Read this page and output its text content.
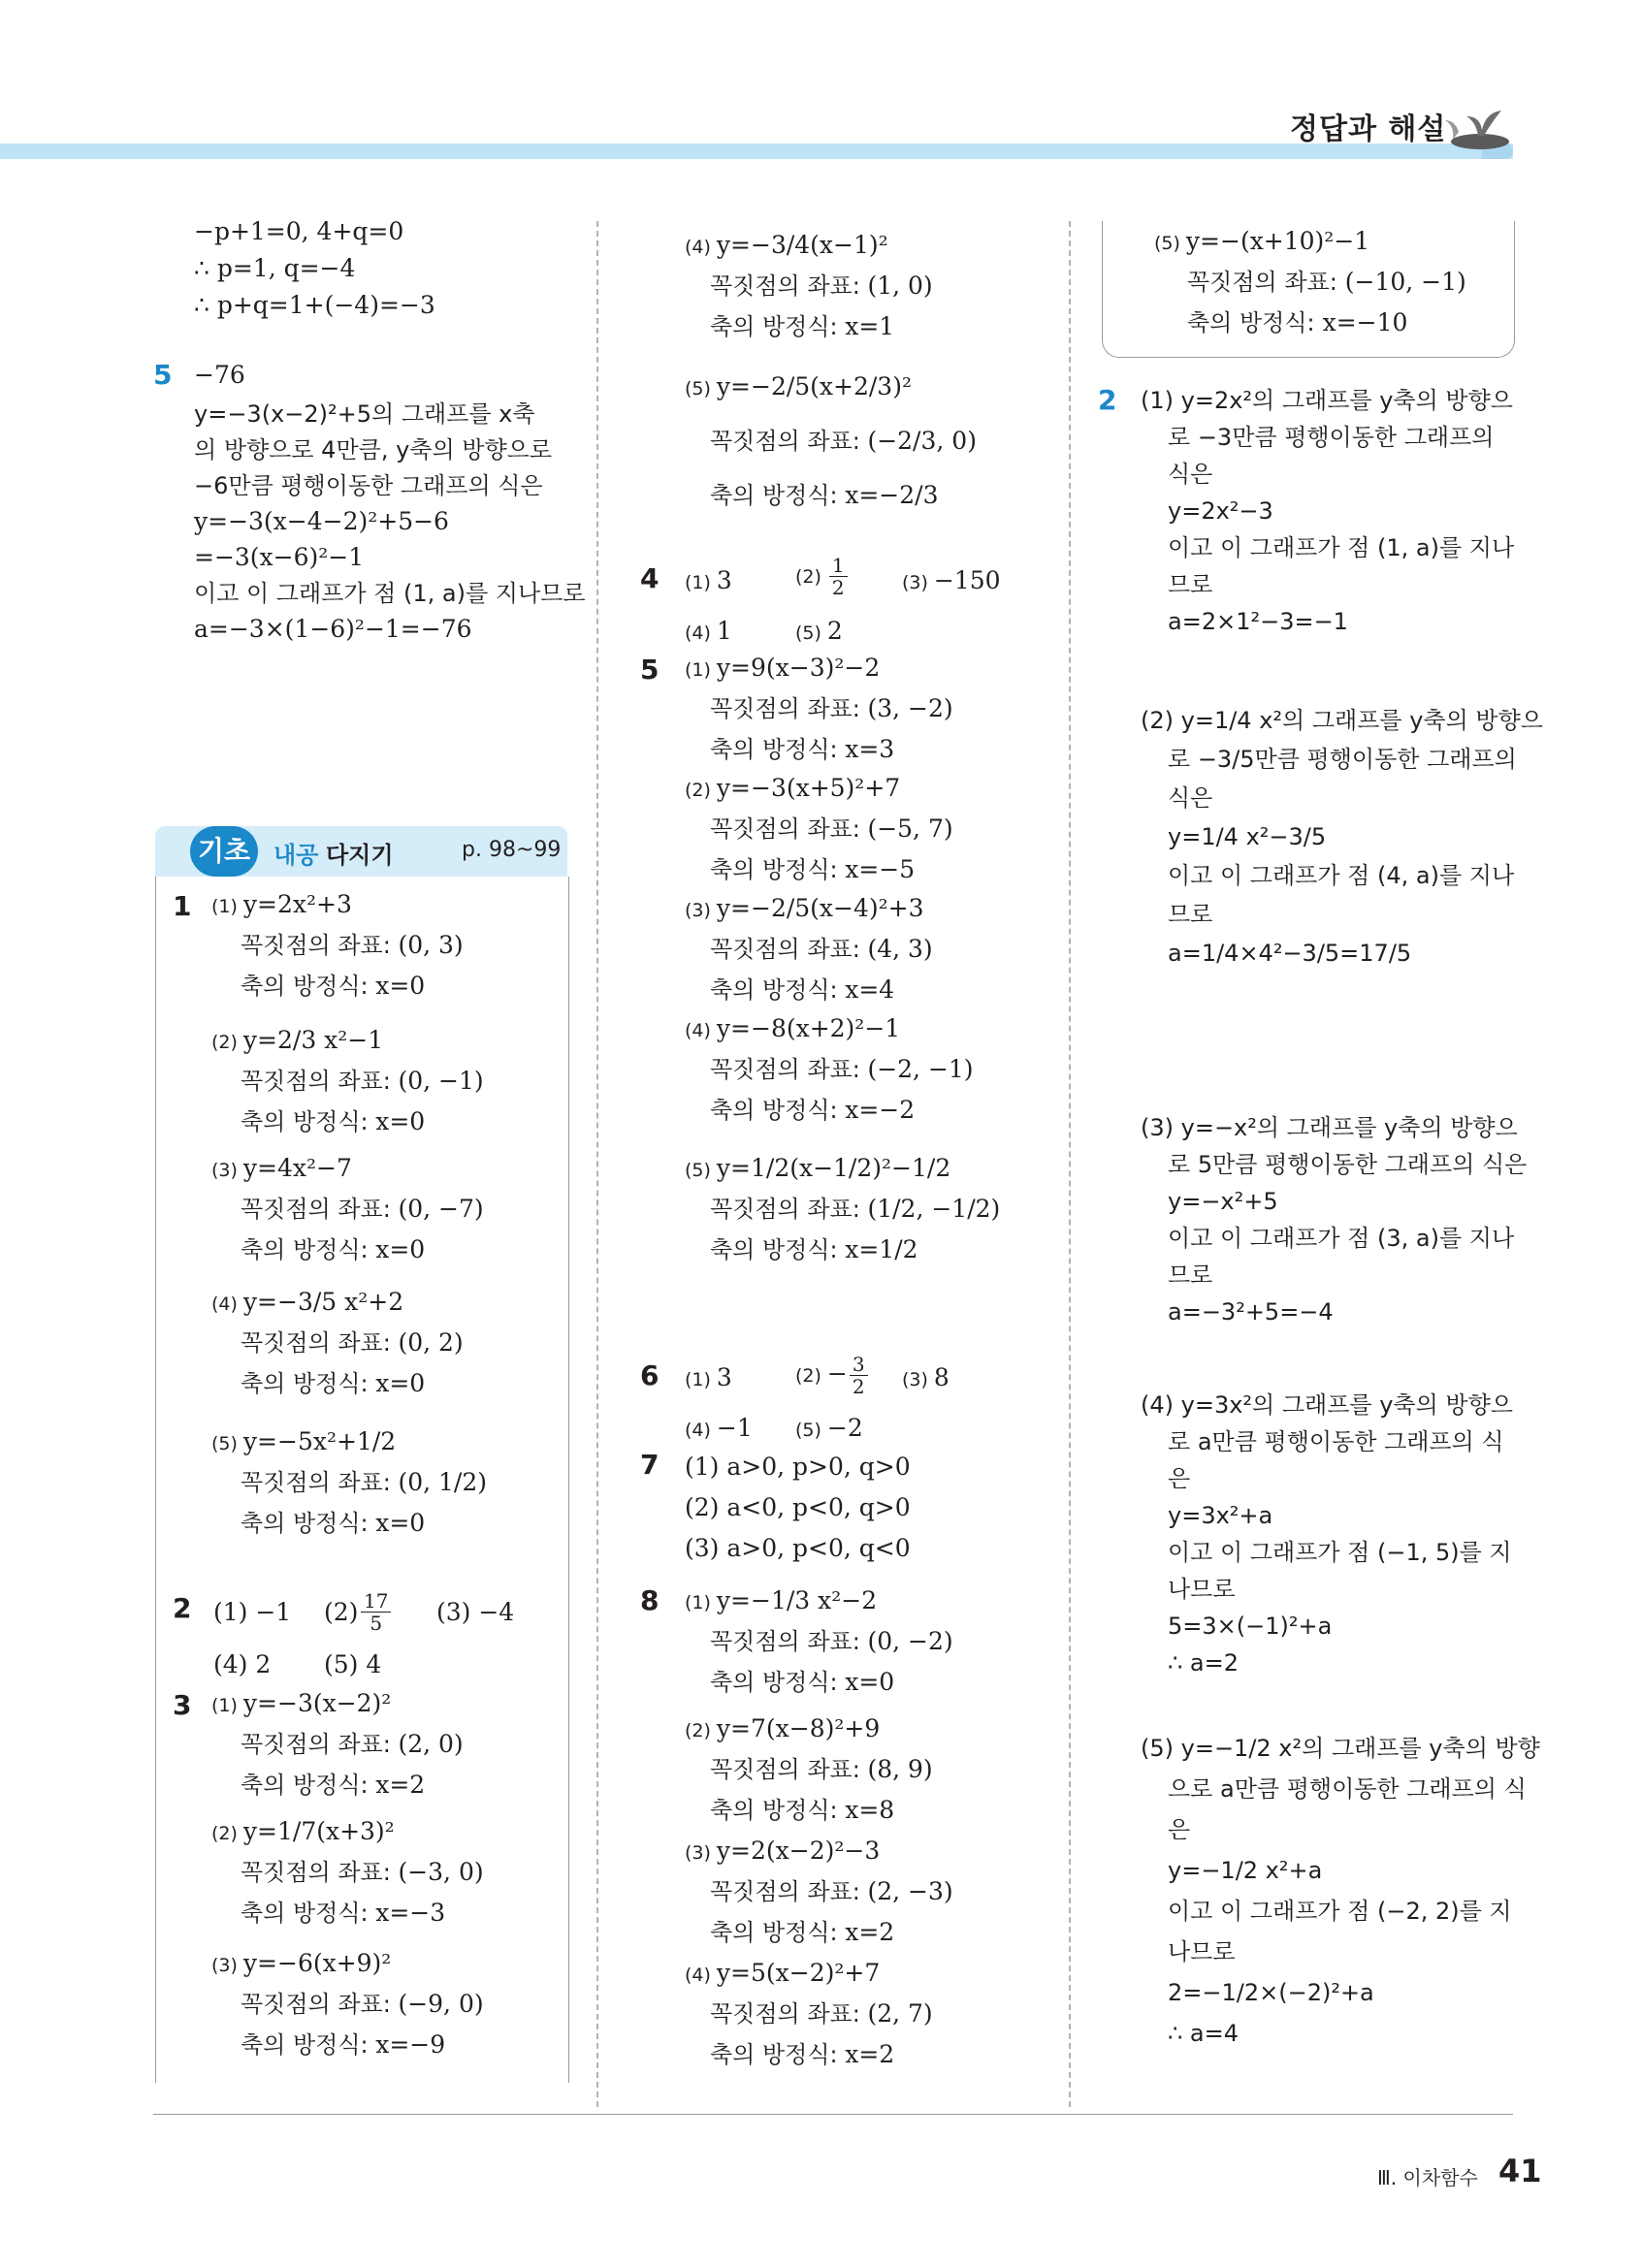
정답과 해설
−p+1=0, 4+q=0
∴ p=1, q=−4
∴ p+q=1+(−4)=−3
5 −76
y=−3(x−2)²+5의 그래프를 x축
의 방향으로 4만큼, y축의 방향으로
−6만큼 평행이동한 그래프의 식은
y=−3(x−4−2)²+5−6
=−3(x−6)²−1
이고 이 그래프가 점 (1, a)를 지나므로
a=−3×(1−6)²−1=−76
기초 내공 다지기	p. 98~99
1
2 (1) −1 $(2) \frac{17}{5} (3) -4$
(4) 2 (5) 4
3
4 (1) 3	$(2) \frac{1}{2}$	(3) −150
(4) 1	(5) 2
5
6 (1) 3	$(2) - \frac{3}{2} (3)$ 8
(4) −1 (5) −2
7 (1) a>0, p>0, q>0
(2) a<0, p<0, q>0
(3) a>0, p<0, q<0
8
(5) y=−(x+10)²−1
꼭짓점의 좌표: (−10, −1)
축의 방정식: x=−10
2
Ⅲ. 이차함수 41
(1) y=2x²+3
꼭짓점의 좌표: (0, 3)
축의 방정식: x=0
(2) y=2/3 x²−1
꼭짓점의 좌표: (0, −1)
축의 방정식: x=0
(3) y=4x²−7
꼭짓점의 좌표: (0, −7)
축의 방정식: x=0
(4) y=−3/5 x²+2
꼭짓점의 좌표: (0, 2)
축의 방정식: x=0
(5) y=−5x²+1/2
꼭짓점의 좌표: (0, 1/2)
축의 방정식: x=0
(1) y=−3(x−2)²
꼭짓점의 좌표: (2, 0)
축의 방정식: x=2
(2) y=1/7(x+3)²
꼭짓점의 좌표: (−3, 0)
축의 방정식: x=−3
(3) y=−6(x+9)²
꼭짓점의 좌표: (−9, 0)
축의 방정식: x=−9
(4) y=−3/4(x−1)²
꼭짓점의 좌표: (1, 0)
축의 방정식: x=1
(5) y=−2/5(x+2/3)²
꼭짓점의 좌표: (−2/3, 0)
축의 방정식: x=−2/3
(1) y=9(x−3)²−2
꼭짓점의 좌표: (3, −2)
축의 방정식: x=3
(2) y=−3(x+5)²+7
꼭짓점의 좌표: (−5, 7)
축의 방정식: x=−5
(3) y=−2/5(x−4)²+3
꼭짓점의 좌표: (4, 3)
축의 방정식: x=4
(4) y=−8(x+2)²−1
꼭짓점의 좌표: (−2, −1)
축의 방정식: x=−2
(5) y=1/2(x−1/2)²−1/2
꼭짓점의 좌표: (1/2, −1/2)
축의 방정식: x=1/2
(1) y=−1/3 x²−2
꼭짓점의 좌표: (0, −2)
축의 방정식: x=0
(2) y=7(x−8)²+9
꼭짓점의 좌표: (8, 9)
축의 방정식: x=8
(3) y=2(x−2)²−3
꼭짓점의 좌표: (2, −3)
축의 방정식: x=2
(4) y=5(x−2)²+7
꼭짓점의 좌표: (2, 7)
축의 방정식: x=2
(1) y=2x²의 그래프를 y축의 방향으
로 −3만큼 평행이동한 그래프의
식은
y=2x²−3
이고 이 그래프가 점 (1, a)를 지나
므로
a=2×1²−3=−1
(2) y=1/4 x²의 그래프를 y축의 방향으
로 −3/5만큼 평행이동한 그래프의
식은
y=1/4 x²−3/5
이고 이 그래프가 점 (4, a)를 지나
므로
a=1/4×4²−3/5=17/5
(3) y=−x²의 그래프를 y축의 방향으
로 5만큼 평행이동한 그래프의 식은
y=−x²+5
이고 이 그래프가 점 (3, a)를 지나
므로
a=−3²+5=−4
(4) y=3x²의 그래프를 y축의 방향으
로 a만큼 평행이동한 그래프의 식
은
y=3x²+a
이고 이 그래프가 점 (−1, 5)를 지
나므로
5=3×(−1)²+a
∴ a=2
(5) y=−1/2 x²의 그래프를 y축의 방향
으로 a만큼 평행이동한 그래프의 식
은
y=−1/2 x²+a
이고 이 그래프가 점 (−2, 2)를 지
나므로
2=−1/2×(−2)²+a
∴ a=4
